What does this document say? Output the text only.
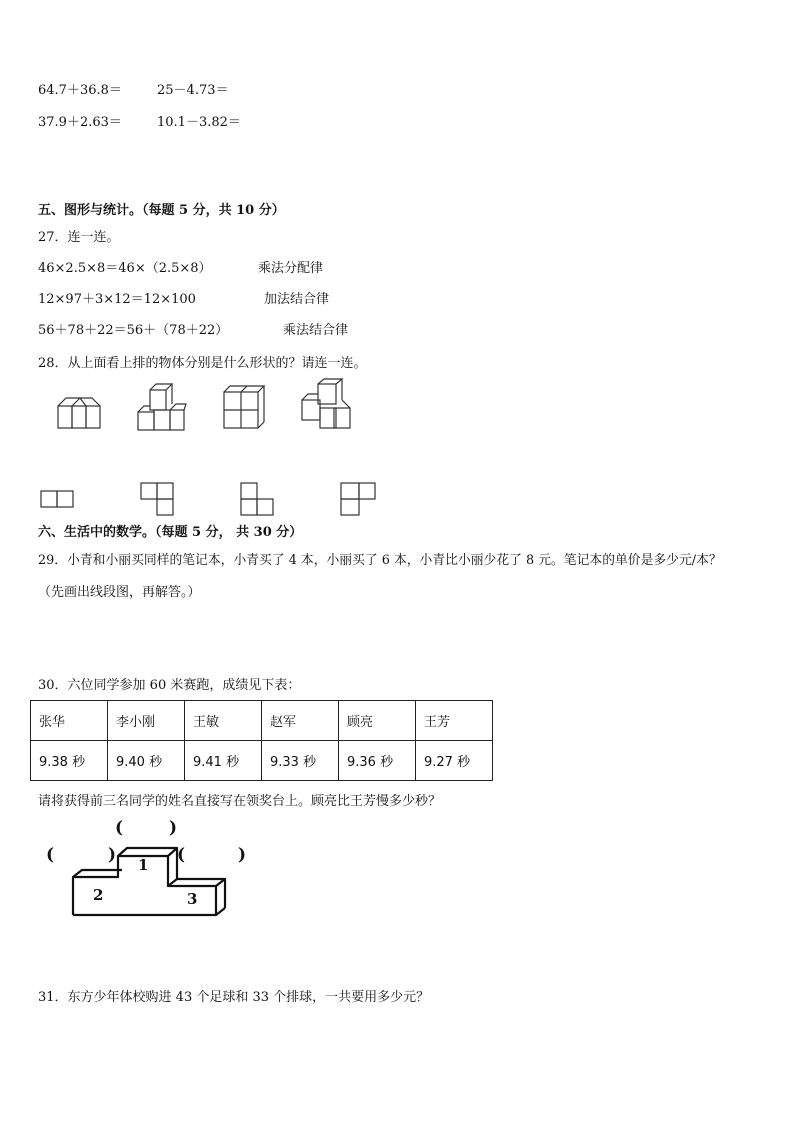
64.7＋36.8＝	25－4.73＝
37.9＋2.63＝	10.1－3.82＝
五、图形与统计。（每题 5 分，共 10 分）
27．连一连。
46×2.5×8＝46×（2.5×8）	乘法分配律
12×97＋3×12＝12×100	加法结合律
56＋78＋22＝56＋（78＋22）	乘法结合律
28．从上面看上排的物体分别是什么形状的？请连一连。
六、生活中的数学。（每题 5 分， 共 30 分）
29．小青和小丽买同样的笔记本，小青买了 4 本，小丽买了 6 本，小青比小丽少花了 8 元。笔记本的单价是多少元/本？
（先画出线段图，再解答。）
30．六位同学参加 60 米赛跑，成绩见下表：
张华	李小刚	王敏	赵军	顾亮	王芳
9.38 秒	9.40 秒	9.41 秒	9.33 秒	9.36 秒	9.27 秒
请将获得前三名同学的姓名直接写在领奖台上。顾亮比王芳慢多少秒？
1
2	3
(　　)
(	)	(	)
31．东方少年体校购进 43 个足球和 33 个排球，一共要用多少元？
